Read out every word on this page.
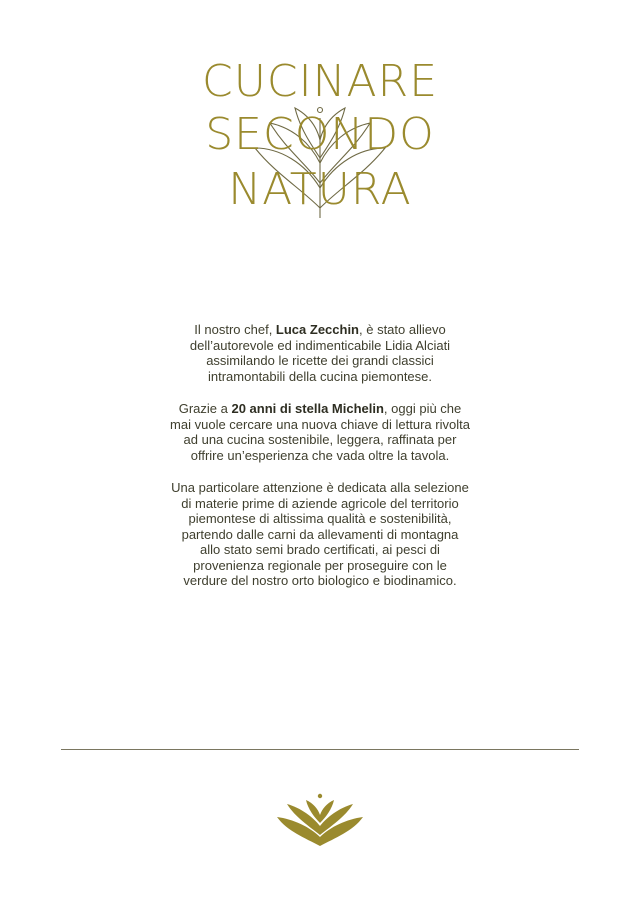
CUCINARE
SECONDO
NATURA

Il nostro chef, Luca Zecchin, è stato allievo dell’autorevole ed indimenticabile Lidia Alciati assimilando le ricette dei grandi classici intramontabili della cucina piemontese.

Grazie a 20 anni di stella Michelin, oggi più che mai vuole cercare una nuova chiave di lettura rivolta ad una cucina sostenibile, leggera, raffinata per offrire un’esperienza che vada oltre la tavola.

Una particolare attenzione è dedicata alla selezione di materie prime di aziende agricole del territorio piemontese di altissima qualità e sostenibilità, partendo dalle carni da allevamenti di montagna allo stato semi brado certificati, ai pesci di provenienza regionale per proseguire con le verdure del nostro orto biologico e biodinamico.
